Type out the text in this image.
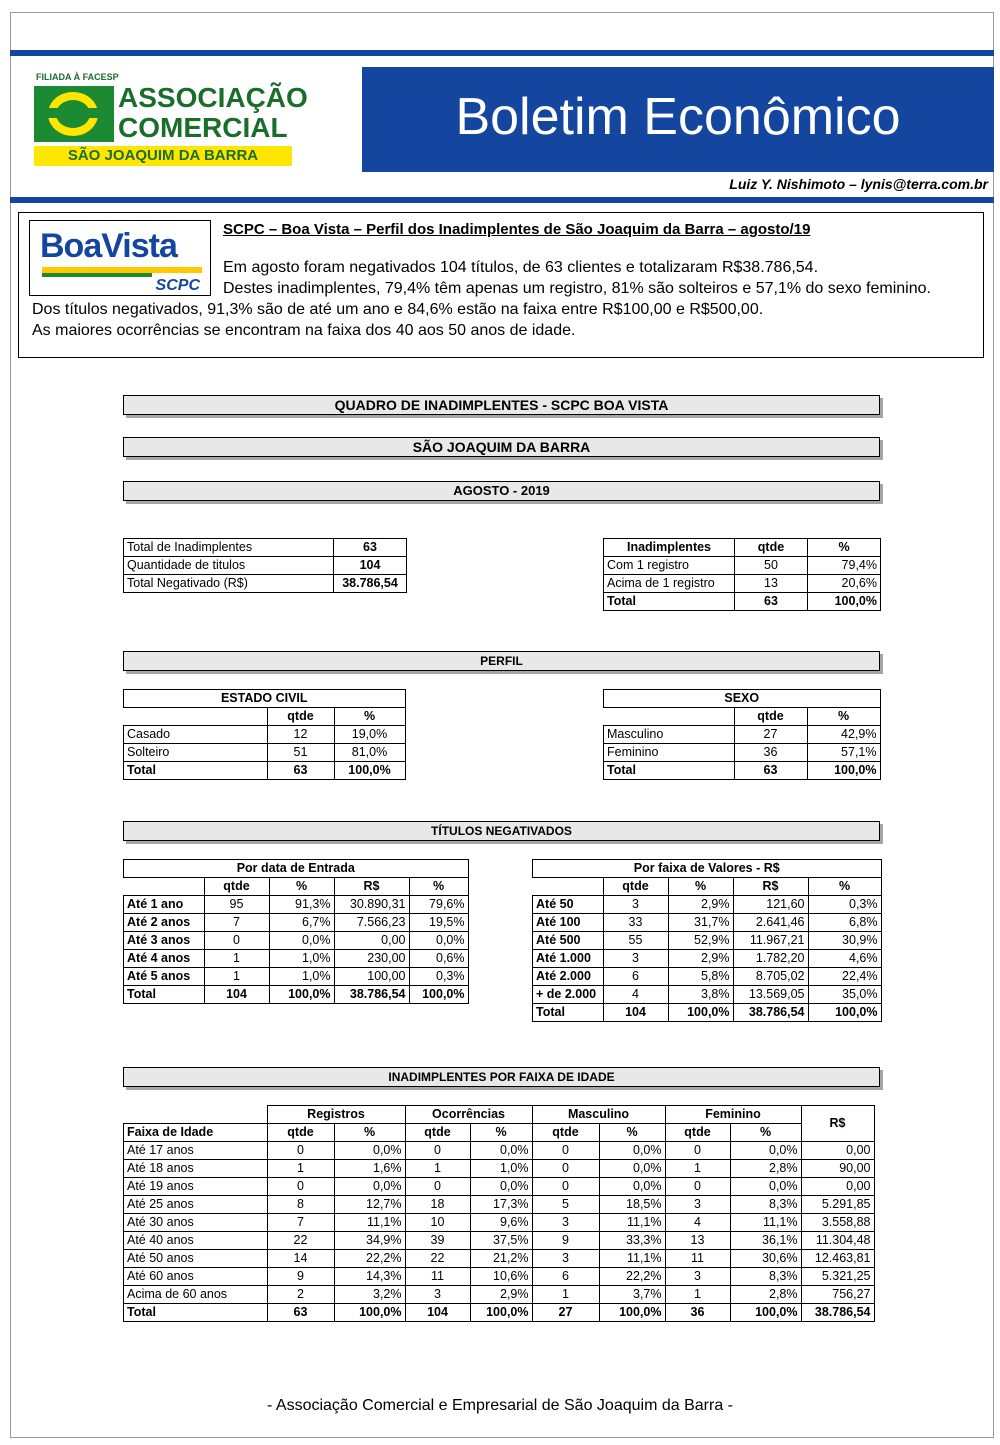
FILIADA À FACESP
ASSOCIAÇÃO
COMERCIAL
SÃO JOAQUIM DA BARRA
Boletim Econômico
Luiz Y. Nishimoto – lynis@terra.com.br
BoaVista
SCPC
SCPC – Boa Vista – Perfil dos Inadimplentes de São Joaquim da Barra – agosto/19
Em agosto foram negativados 104 títulos, de 63 clientes e totalizaram R$38.786,54.
Destes inadimplentes, 79,4% têm apenas um registro, 81% são solteiros e 57,1% do sexo feminino.
Dos títulos negativados, 91,3% são de até um ano e 84,6% estão na faixa entre R$100,00 e R$500,00.
As maiores ocorrências se encontram na faixa dos 40 aos 50 anos de idade.
QUADRO DE INADIMPLENTES - SCPC BOA VISTA
SÃO JOAQUIM DA BARRA
AGOSTO - 2019
Total de Inadimplentes	63
Quantidade de titulos	104
Total Negativado (R$)	38.786,54
Inadimplentes	qtde	%
Com 1 registro	50	79,4%
Acima de 1 registro	13	20,6%
Total	63	100,0%
PERFIL
ESTADO CIVIL		
	qtde	%
Casado	12	19,0%
Solteiro	51	81,0%
Total	63	100,0%
SEXO		
	qtde	%
Masculino	27	42,9%
Feminino	36	57,1%
Total	63	100,0%
TÍTULOS NEGATIVADOS
Por data de Entrada				
	qtde	%	R$	%
Até 1 ano	95	91,3%	30.890,31	79,6%
Até 2 anos	7	6,7%	7.566,23	19,5%
Até 3 anos	0	0,0%	0,00	0,0%
Até 4 anos	1	1,0%	230,00	0,6%
Até 5 anos	1	1,0%	100,00	0,3%
Total	104	100,0%	38.786,54	100,0%
Por faixa de Valores - R$				
	qtde	%	R$	%
Até 50	3	2,9%	121,60	0,3%
Até 100	33	31,7%	2.641,46	6,8%
Até 500	55	52,9%	11.967,21	30,9%
Até 1.000	3	2,9%	1.782,20	4,6%
Até 2.000	6	5,8%	8.705,02	22,4%
+ de 2.000	4	3,8%	13.569,05	35,0%
Total	104	100,0%	38.786,54	100,0%
INADIMPLENTES POR FAIXA DE IDADE
	Registros		Ocorrências		Masculino		Feminino		R$
Faixa de Idade	qtde	%	qtde	%	qtde	%	qtde	%	
Até 17 anos	0	0,0%	0	0,0%	0	0,0%	0	0,0%	0,00
Até 18 anos	1	1,6%	1	1,0%	0	0,0%	1	2,8%	90,00
Até 19 anos	0	0,0%	0	0,0%	0	0,0%	0	0,0%	0,00
Até 25 anos	8	12,7%	18	17,3%	5	18,5%	3	8,3%	5.291,85
Até 30 anos	7	11,1%	10	9,6%	3	11,1%	4	11,1%	3.558,88
Até 40 anos	22	34,9%	39	37,5%	9	33,3%	13	36,1%	11.304,48
Até 50 anos	14	22,2%	22	21,2%	3	11,1%	11	30,6%	12.463,81
Até 60 anos	9	14,3%	11	10,6%	6	22,2%	3	8,3%	5.321,25
Acima de 60 anos	2	3,2%	3	2,9%	1	3,7%	1	2,8%	756,27
Total	63	100,0%	104	100,0%	27	100,0%	36	100,0%	38.786,54
- Associação Comercial e Empresarial de São Joaquim da Barra -
